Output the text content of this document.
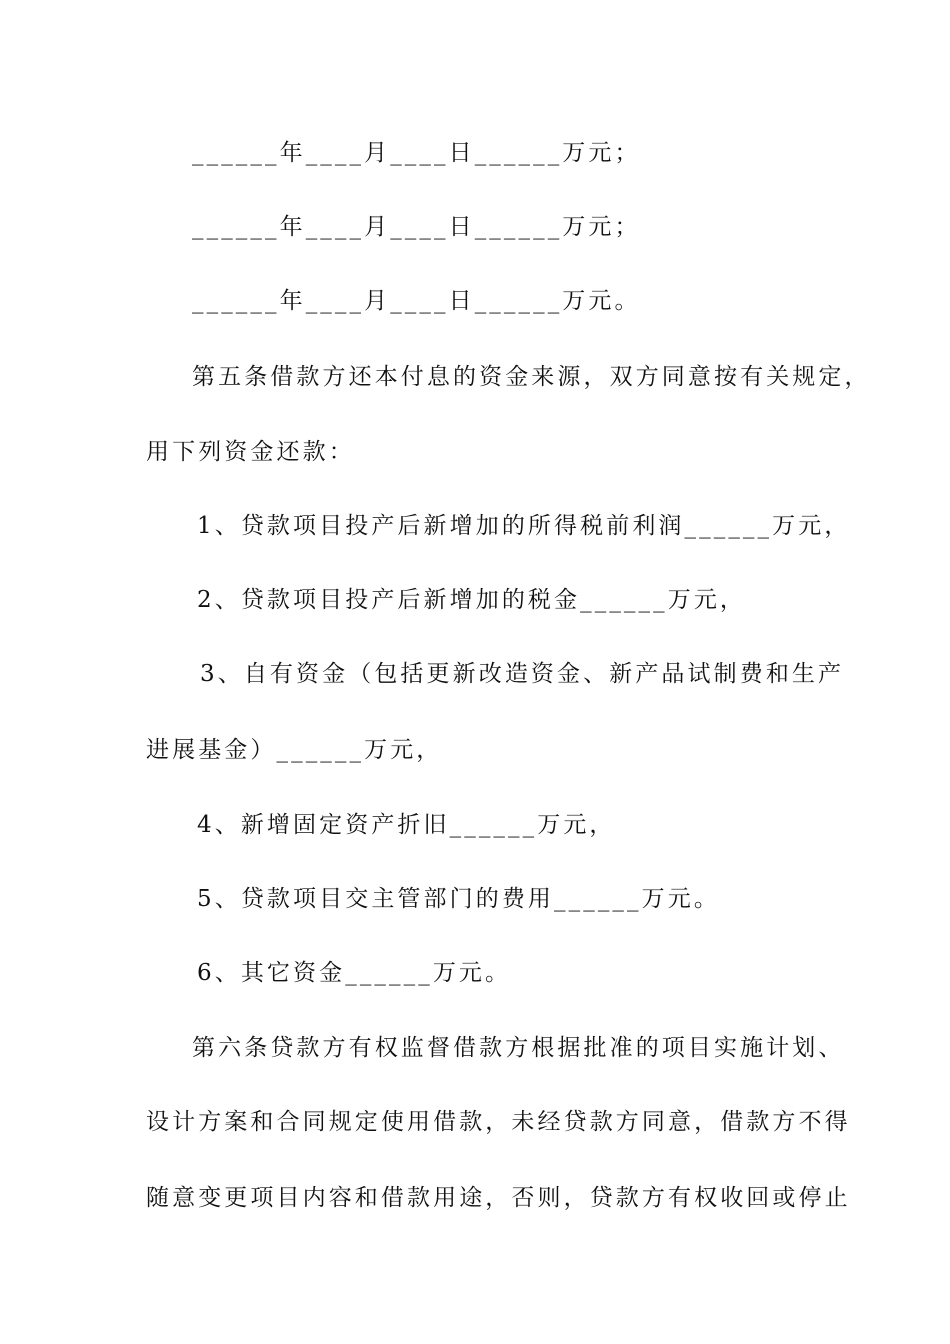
______年____月____日______万元；
______年____月____日______万元；
______年____月____日______万元。
第五条借款方还本付息的资金来源，双方同意按有关规定，
用下列资金还款：
1、贷款项目投产后新增加的所得税前利润______万元，
2、贷款项目投产后新增加的税金______万元，
3、自有资金（包括更新改造资金、新产品试制费和生产
进展基金）______万元，
4、新增固定资产折旧______万元，
5、贷款项目交主管部门的费用______万元。
6、其它资金______万元。
第六条贷款方有权监督借款方根据批准的项目实施计划、
设计方案和合同规定使用借款，未经贷款方同意，借款方不得
随意变更项目内容和借款用途，否则，贷款方有权收回或停止
